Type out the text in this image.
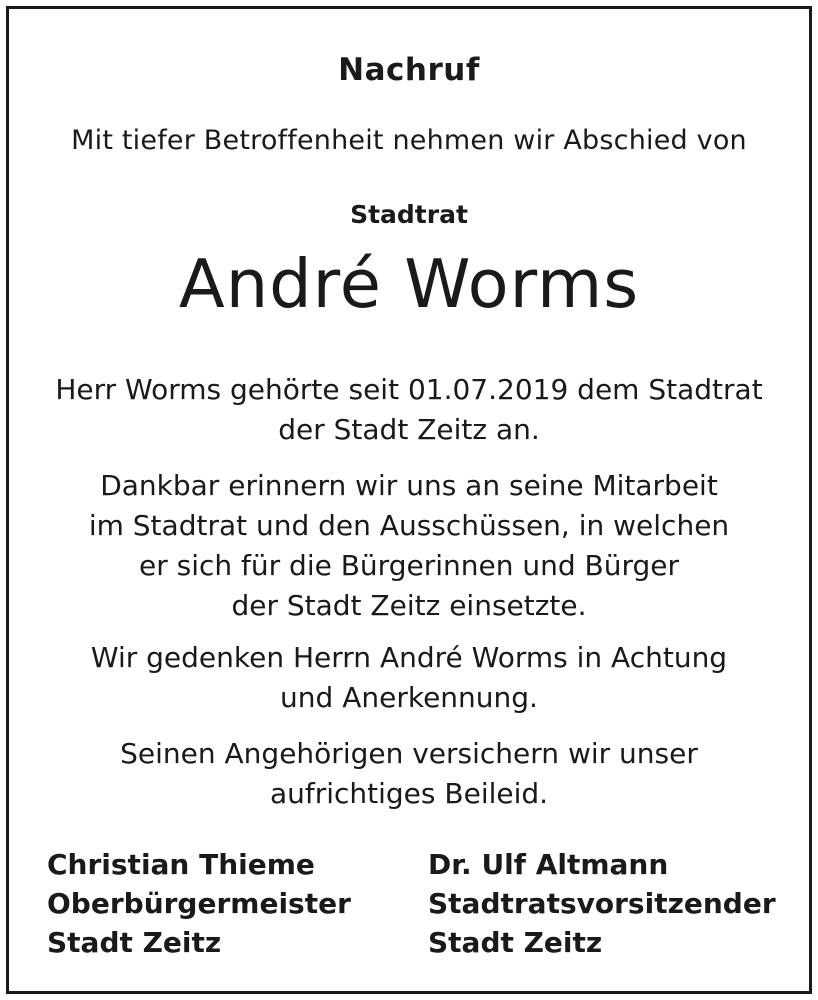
Nachruf
Mit tiefer Betroffenheit nehmen wir Abschied von
Stadtrat
André Worms
Herr Worms gehörte seit 01.07.2019 dem Stadtrat
der Stadt Zeitz an.
Dankbar erinnern wir uns an seine Mitarbeit
im Stadtrat und den Ausschüssen, in welchen
er sich für die Bürgerinnen und Bürger
der Stadt Zeitz einsetzte.
Wir gedenken Herrn André Worms in Achtung
und Anerkennung.
Seinen Angehörigen versichern wir unser
aufrichtiges Beileid.
Christian Thieme
Oberbürgermeister
Stadt Zeitz
Dr. Ulf Altmann
Stadtratsvorsitzender
Stadt Zeitz
